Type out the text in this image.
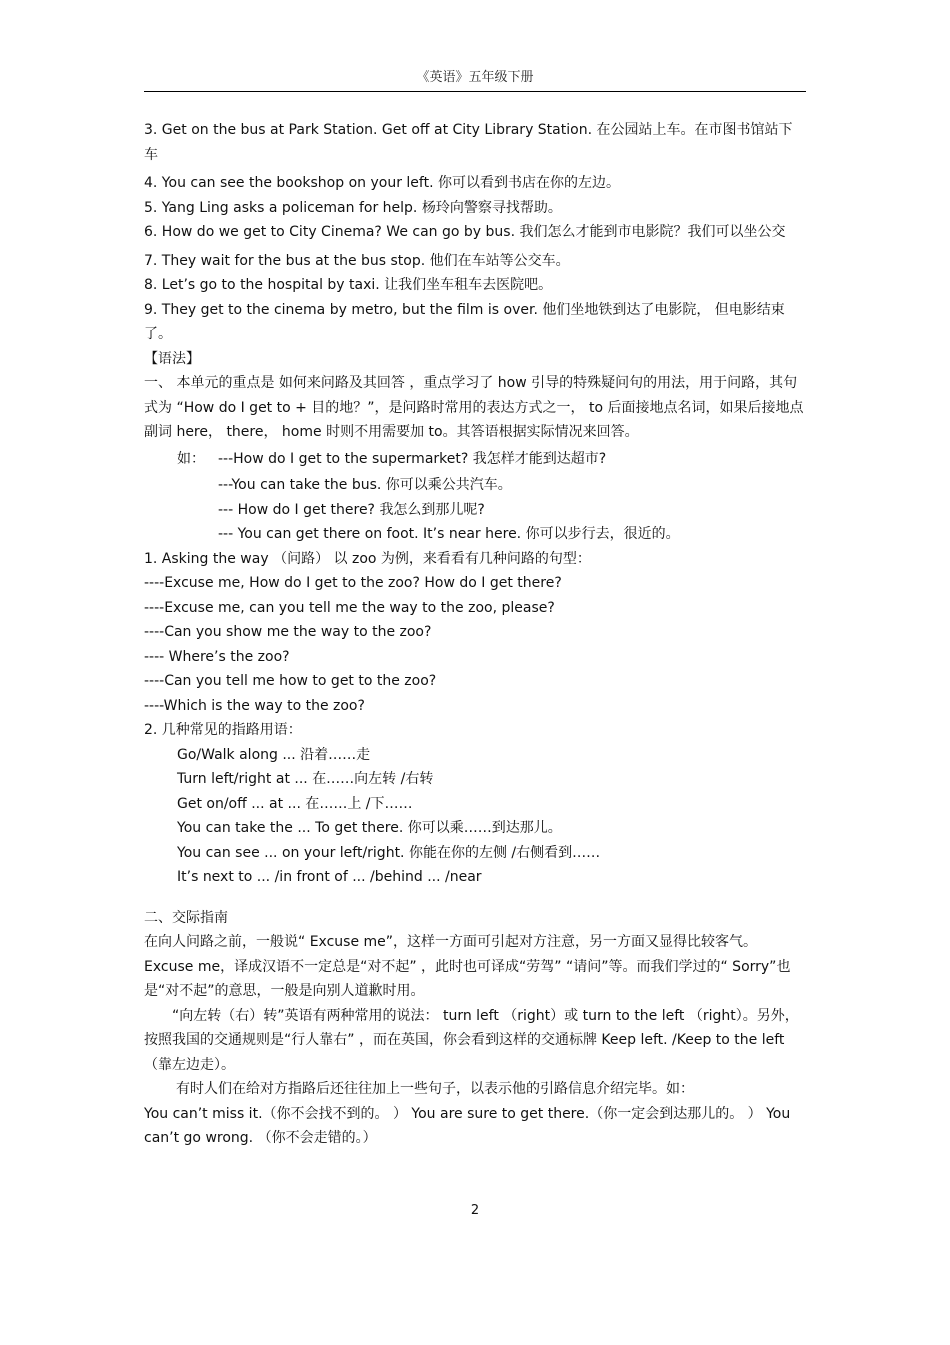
《英语》五年级下册

3. Get on the bus at Park Station. Get off at City Library Station. 在公园站上车。在市图书馆站下车

4. You can see the bookshop on your left. 你可以看到书店在你的左边。

5. Yang Ling asks a policeman for help. 杨玲向警察寻找帮助。

6. How do we get to City Cinema? We can go by bus. 我们怎么才能到市电影院？我们可以坐公交

7. They wait for the bus at the bus stop. 他们在车站等公交车。

8. Let’s go to the hospital by taxi. 让我们坐车租车去医院吧。

9. They get to the cinema by metro, but the film is over. 他们坐地铁到达了电影院， 但电影结束了。

【语法】

一、 本单元的重点是 如何来问路及其回答 ，重点学习了 how 引导的特殊疑问句的用法，用于问路，其句式为 “How do I get to + 目的地？”，是问路时常用的表达方式之一， to 后面接地点名词，如果后接地点副词 here， there， home 时则不用需要加 to。其答语根据实际情况来回答。

如： ---How do I get to the supermarket? 我怎样才能到达超市?

---You can take the bus. 你可以乘公共汽车。

--- How do I get there? 我怎么到那儿呢?

--- You can get there on foot. It’s near here. 你可以步行去，很近的。

1. Asking the way （问路） 以 zoo 为例，来看看有几种问路的句型：

----Excuse me, How do I get to the zoo? How do I get there?

----Excuse me, can you tell me the way to the zoo, please?

----Can you show me the way to the zoo?

---- Where’s the zoo?

----Can you tell me how to get to the zoo?

----Which is the way to the zoo?

2. 几种常见的指路用语：

Go/Walk along ... 沿着……走

Turn left/right at ... 在……向左转 /右转

Get on/off ... at ... 在……上 /下……

You can take the ... To get there. 你可以乘……到达那儿。

You can see ... on your left/right. 你能在你的左侧 /右侧看到……

It’s next to ... /in front of ... /behind ... /near

二、交际指南

在向人问路之前，一般说“ Excuse me”，这样一方面可引起对方注意，另一方面又显得比较客气。 Excuse me，译成汉语不一定总是“对不起” ，此时也可译成“劳驾” “请问”等。而我们学过的“ Sorry”也是“对不起”的意思，一般是向别人道歉时用。

“向左转（右）转”英语有两种常用的说法： turn left （right）或 turn to the left （right）。另外，按照我国的交通规则是“行人靠右” ，而在英国，你会看到这样的交通标牌 Keep left. /Keep to the left （靠左边走）。

有时人们在给对方指路后还往往加上一些句子，以表示他的引路信息介绍完毕。如：

You can’t miss it.（你不会找不到的。 ） You are sure to get there.（你一定会到达那儿的。 ） You can’t go wrong. （你不会走错的。）

2
